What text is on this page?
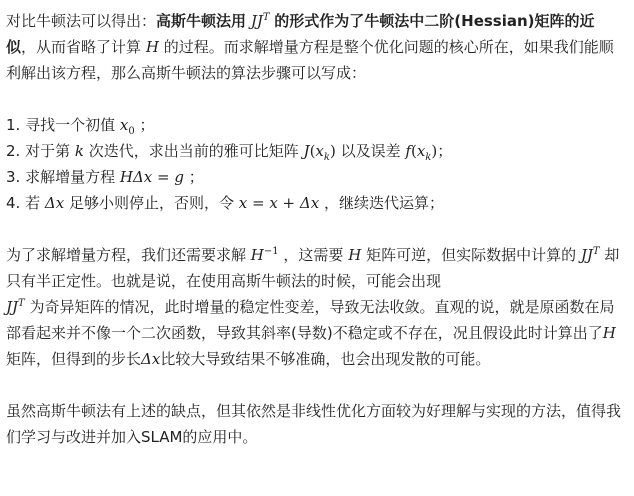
对比牛顿法可以得出：高斯牛顿法用 $JJ^T$ 的形式作为了牛顿法中二阶(Hessian)矩阵的近似，从而省略了计算 H 的过程。而求解增量方程是整个优化问题的核心所在，如果我们能顺利解出该方程，那么高斯牛顿法的算法步骤可以写成：

1. 寻找一个初值 $x_0$ ；

2. 对于第 k 次迭代，求出当前的雅可比矩阵 $J(x_k)$ 以及误差 $f(x_k)$；

3. 求解增量方程 HΔx = g ；

4. 若 Δx 足够小则停止，否则，令 x = x + Δx ，继续迭代运算；

为了求解增量方程，我们还需要求解 $H^{-1}$ ，这需要 H 矩阵可逆，但实际数据中计算的 $JJ^T$ 却只有半正定性。也就是说，在使用高斯牛顿法的时候，可能会出现
$JJ^T$ 为奇异矩阵的情况，此时增量的稳定性变差，导致无法收敛。直观的说，就是原函数在局部看起来并不像一个二次函数，导致其斜率(导数)不稳定或不存在，况且假设此时计算出了H 矩阵，但得到的步长Δx比较大导致结果不够准确，也会出现发散的可能。

虽然高斯牛顿法有上述的缺点，但其依然是非线性优化方面较为好理解与实现的方法，值得我们学习与改进并加入SLAM的应用中。
